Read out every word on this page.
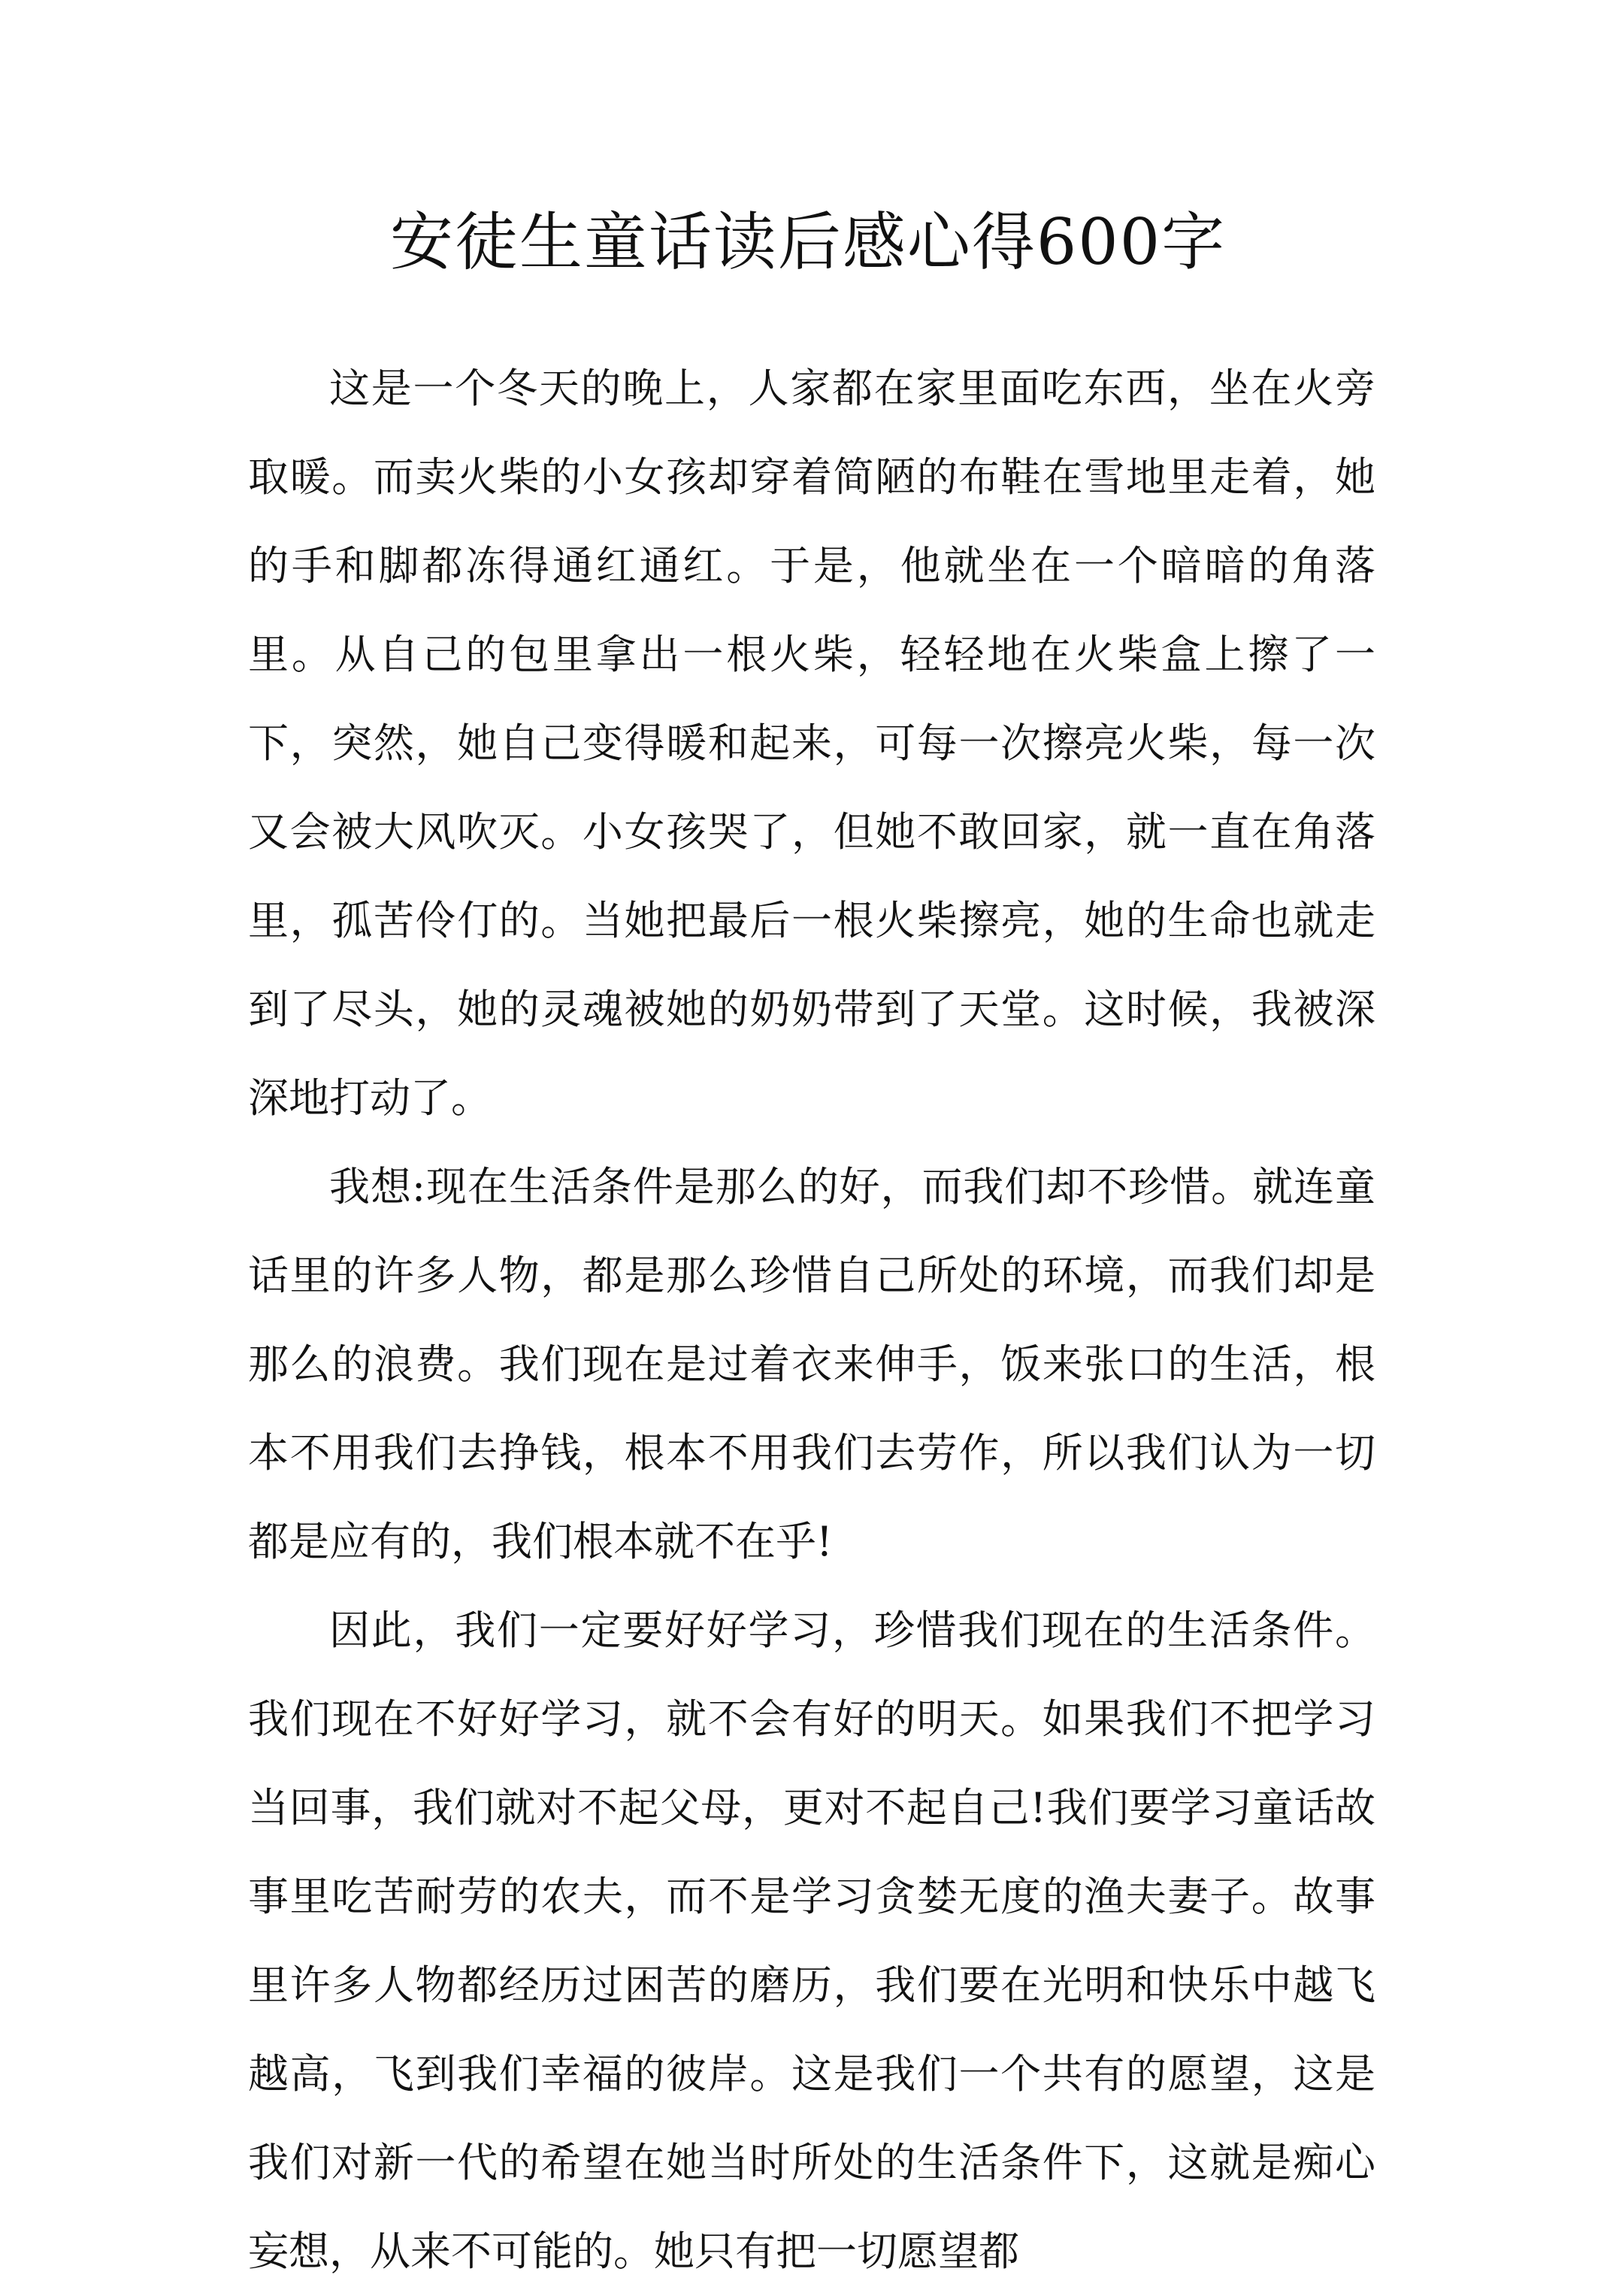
安徒生童话读后感心得600字

这是一个冬天的晚上，人家都在家里面吃东西，坐在火旁取暖。而卖火柴的小女孩却穿着简陋的布鞋在雪地里走着，她的手和脚都冻得通红通红。于是，他就坐在一个暗暗的角落里。从自己的包里拿出一根火柴，轻轻地在火柴盒上擦了一下，突然，她自己变得暖和起来，可每一次擦亮火柴，每一次又会被大风吹灭。小女孩哭了，但她不敢回家，就一直在角落里，孤苦伶仃的。当她把最后一根火柴擦亮，她的生命也就走到了尽头，她的灵魂被她的奶奶带到了天堂。这时候，我被深深地打动了。

我想:现在生活条件是那么的好，而我们却不珍惜。就连童话里的许多人物，都是那么珍惜自己所处的环境，而我们却是那么的浪费。我们现在是过着衣来伸手，饭来张口的生活，根本不用我们去挣钱，根本不用我们去劳作，所以我们认为一切都是应有的，我们根本就不在乎!

因此，我们一定要好好学习，珍惜我们现在的生活条件。我们现在不好好学习，就不会有好的明天。如果我们不把学习当回事，我们就对不起父母，更对不起自己!我们要学习童话故事里吃苦耐劳的农夫，而不是学习贪婪无度的渔夫妻子。故事里许多人物都经历过困苦的磨历，我们要在光明和快乐中越飞越高，飞到我们幸福的彼岸。这是我们一个共有的愿望，这是我们对新一代的希望在她当时所处的生活条件下，这就是痴心妄想，从来不可能的。她只有把一切愿望都
